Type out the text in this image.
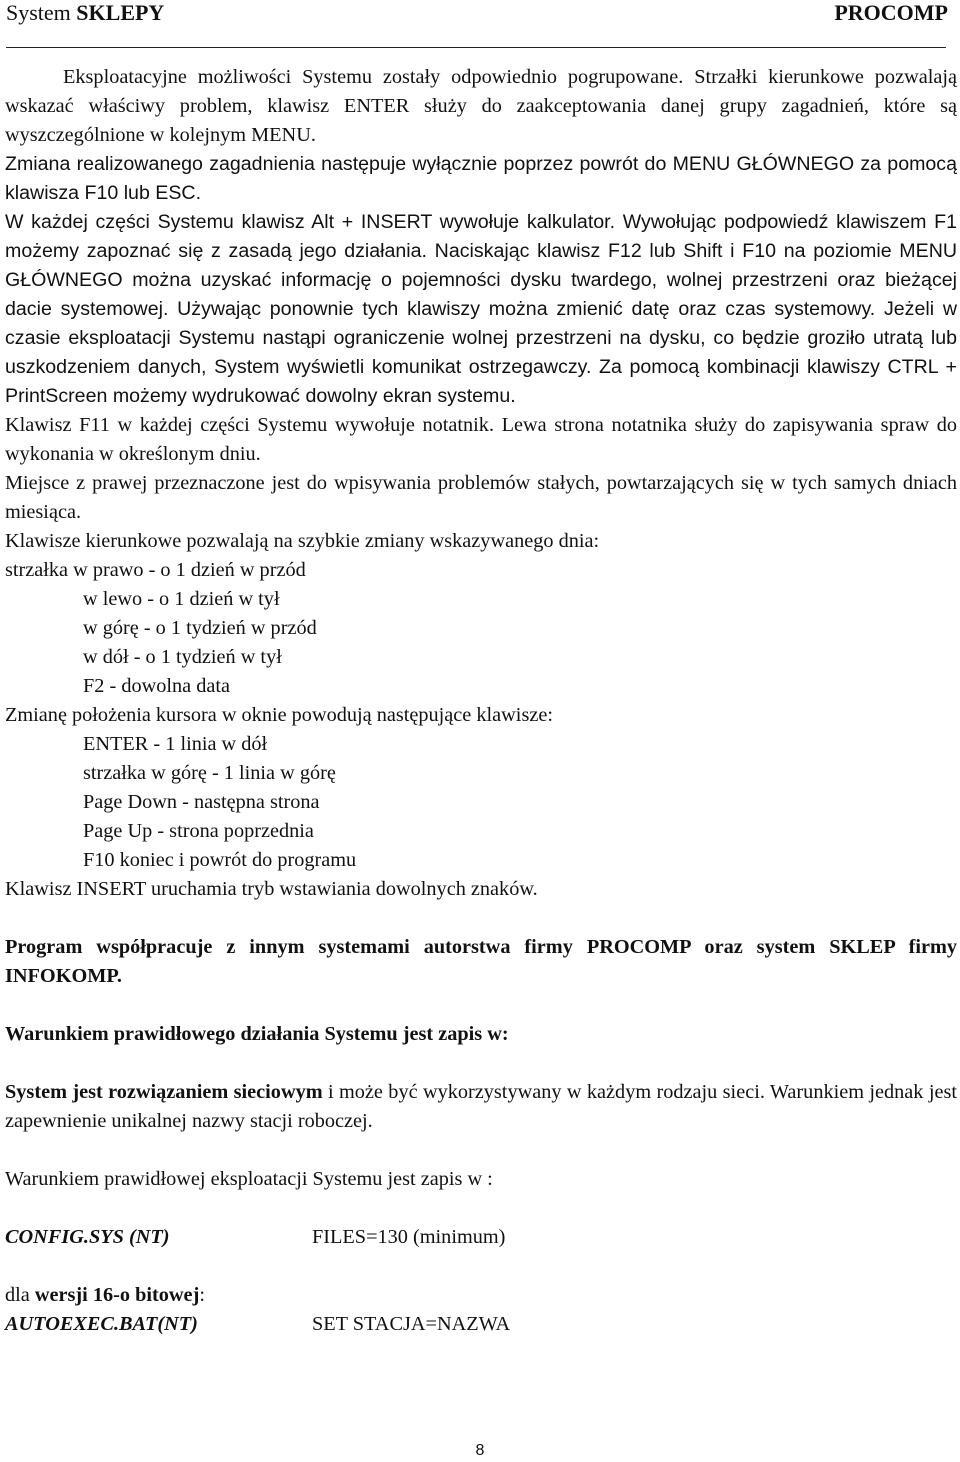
System SKLEPY	PROCOMP

Eksploatacyjne możliwości Systemu zostały odpowiednio pogrupowane. Strzałki kierunkowe pozwalają wskazać właściwy problem, klawisz ENTER służy do zaakceptowania danej grupy zagadnień, które są wyszczególnione w kolejnym MENU.

Zmiana realizowanego zagadnienia następuje wyłącznie poprzez powrót do MENU GŁÓWNEGO za pomocą klawisza F10 lub ESC.

W każdej części Systemu klawisz Alt + INSERT wywołuje kalkulator. Wywołując podpowiedź klawiszem F1 możemy zapoznać się z zasadą jego działania. Naciskając klawisz F12 lub Shift i F10 na poziomie MENU GŁÓWNEGO można uzyskać informację o pojemności dysku twardego, wolnej przestrzeni oraz bieżącej dacie systemowej. Używając ponownie tych klawiszy można zmienić datę oraz czas systemowy. Jeżeli w czasie eksploatacji Systemu nastąpi ograniczenie wolnej przestrzeni na dysku, co będzie groziło utratą lub uszkodzeniem danych, System wyświetli komunikat ostrzegawczy. Za pomocą kombinacji klawiszy CTRL + PrintScreen możemy wydrukować dowolny ekran systemu.

Klawisz F11 w każdej części Systemu wywołuje notatnik. Lewa strona notatnika służy do zapisywania spraw do wykonania w określonym dniu.

Miejsce z prawej przeznaczone jest do wpisywania problemów stałych, powtarzających się w tych samych dniach miesiąca.

Klawisze kierunkowe pozwalają na szybkie zmiany wskazywanego dnia:

strzałka w prawo - o 1 dzień w przód

w lewo - o 1 dzień w tył

w górę - o 1 tydzień w przód

w dół - o 1 tydzień w tył

F2 - dowolna data

Zmianę położenia kursora w oknie powodują następujące klawisze:

ENTER - 1 linia w dół

strzałka w górę - 1 linia w górę

Page Down - następna strona

Page Up - strona poprzednia

F10 koniec i powrót do programu

Klawisz INSERT uruchamia tryb wstawiania dowolnych znaków.

Program współpracuje z innym systemami autorstwa firmy PROCOMP oraz system SKLEP firmy INFOKOMP.

Warunkiem prawidłowego działania Systemu jest zapis w:

System jest rozwiązaniem sieciowym i może być wykorzystywany w każdym rodzaju sieci. Warunkiem jednak jest zapewnienie unikalnej nazwy stacji roboczej.

Warunkiem prawidłowej eksploatacji Systemu jest zapis w :

CONFIG.SYS (NT)	FILES=130 (minimum)

dla wersji 16-o bitowej:

AUTOEXEC.BAT(NT)	SET STACJA=NAZWA
8
